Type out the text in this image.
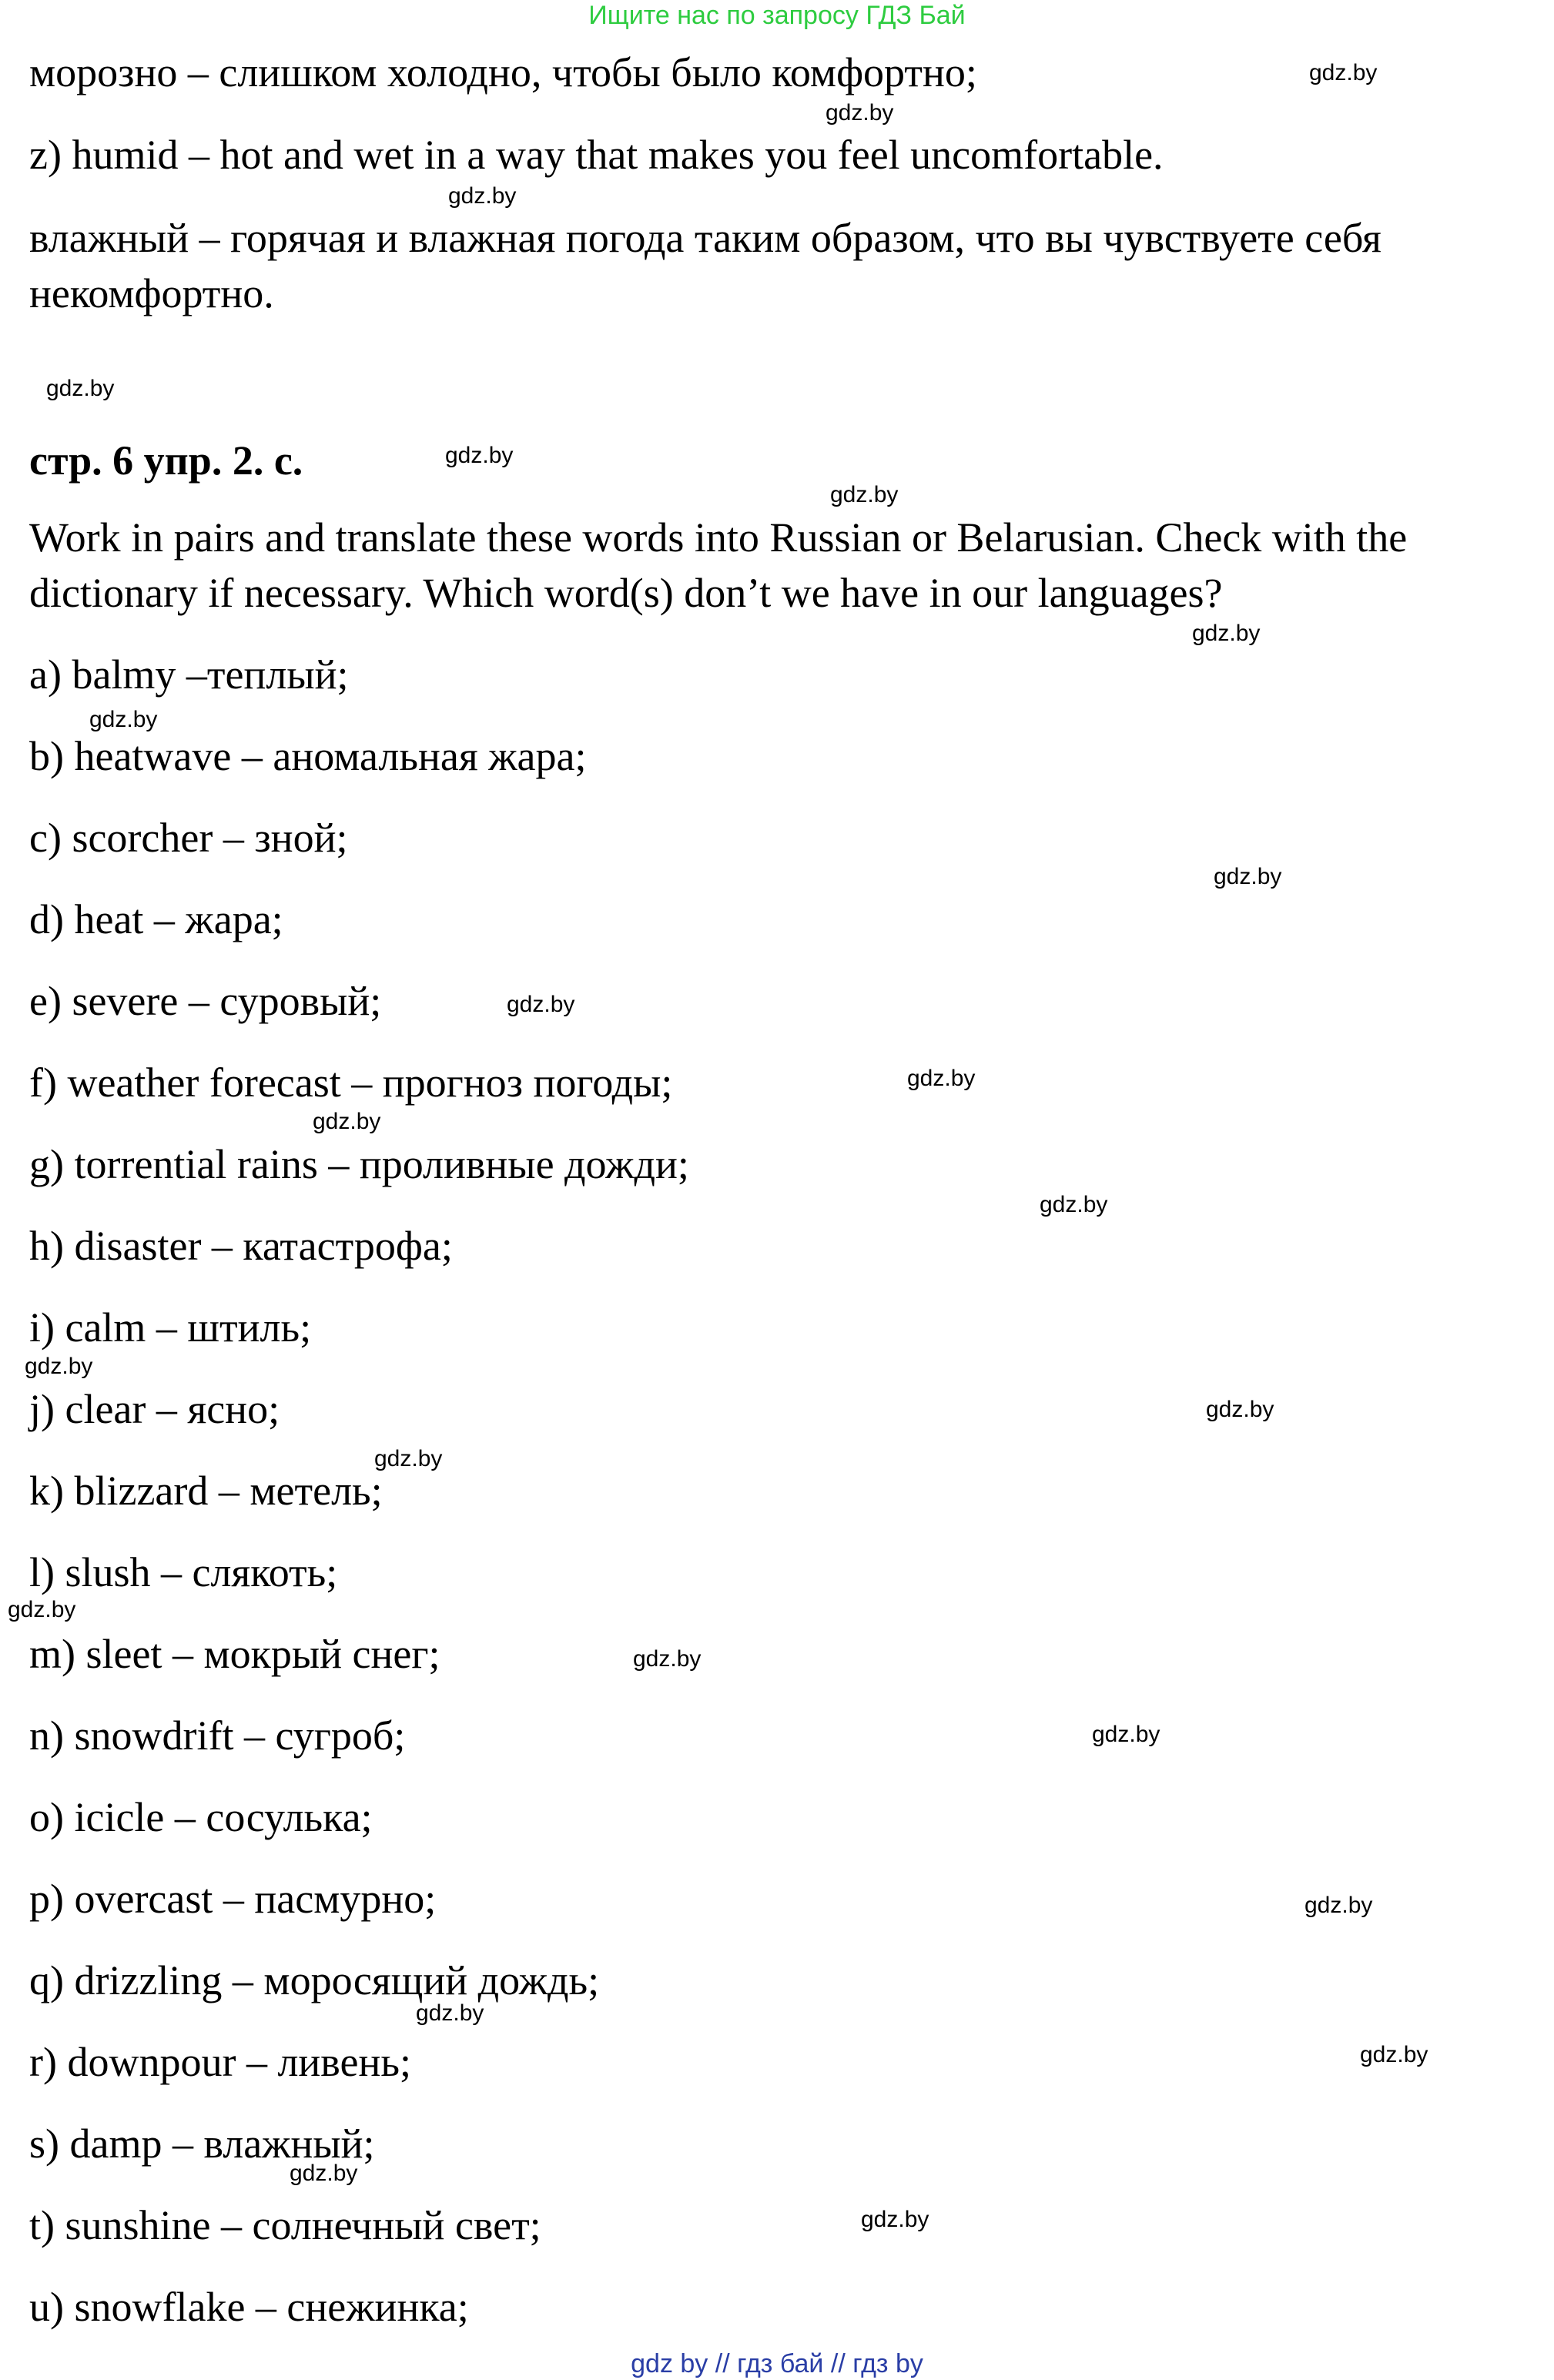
Ищите нас по запросу ГДЗ Бай
морозно – слишком холодно, чтобы было комфортно;
z) humid – hot and wet in a way that makes you feel uncomfortable.
влажный – горячая и влажная погода таким образом, что вы чувствуете себя
некомфортно.
стр. 6 упр. 2. c.
Work in pairs and translate these words into Russian or Belarusian. Check with the
dictionary if necessary. Which word(s) don’t we have in our languages?
a) balmy –теплый;
b) heatwave – аномальная жара;
c) scorcher – зной;
d) heat – жара;
e) severe – суровый;
f) weather forecast – прогноз погоды;
g) torrential rains – проливные дожди;
h) disaster – катастрофа;
i) calm – штиль;
j) clear – ясно;
k) blizzard – метель;
l) slush – слякоть;
m) sleet – мокрый снег;
n) snowdrift – сугроб;
o) icicle – сосулька;
p) overcast – пасмурно;
q) drizzling – моросящий дождь;
r) downpour – ливень;
s) damp – влажный;
t) sunshine – солнечный свет;
u) snowflake – снежинка;
gdz.by
gdz.by
gdz.by
gdz.by
gdz.by
gdz.by
gdz.by
gdz.by
gdz.by
gdz.by
gdz.by
gdz.by
gdz.by
gdz.by
gdz.by
gdz.by
gdz.by
gdz.by
gdz.by
gdz.by
gdz.by
gdz.by
gdz.by
gdz.by
gdz by // гдз бай // гдз by
